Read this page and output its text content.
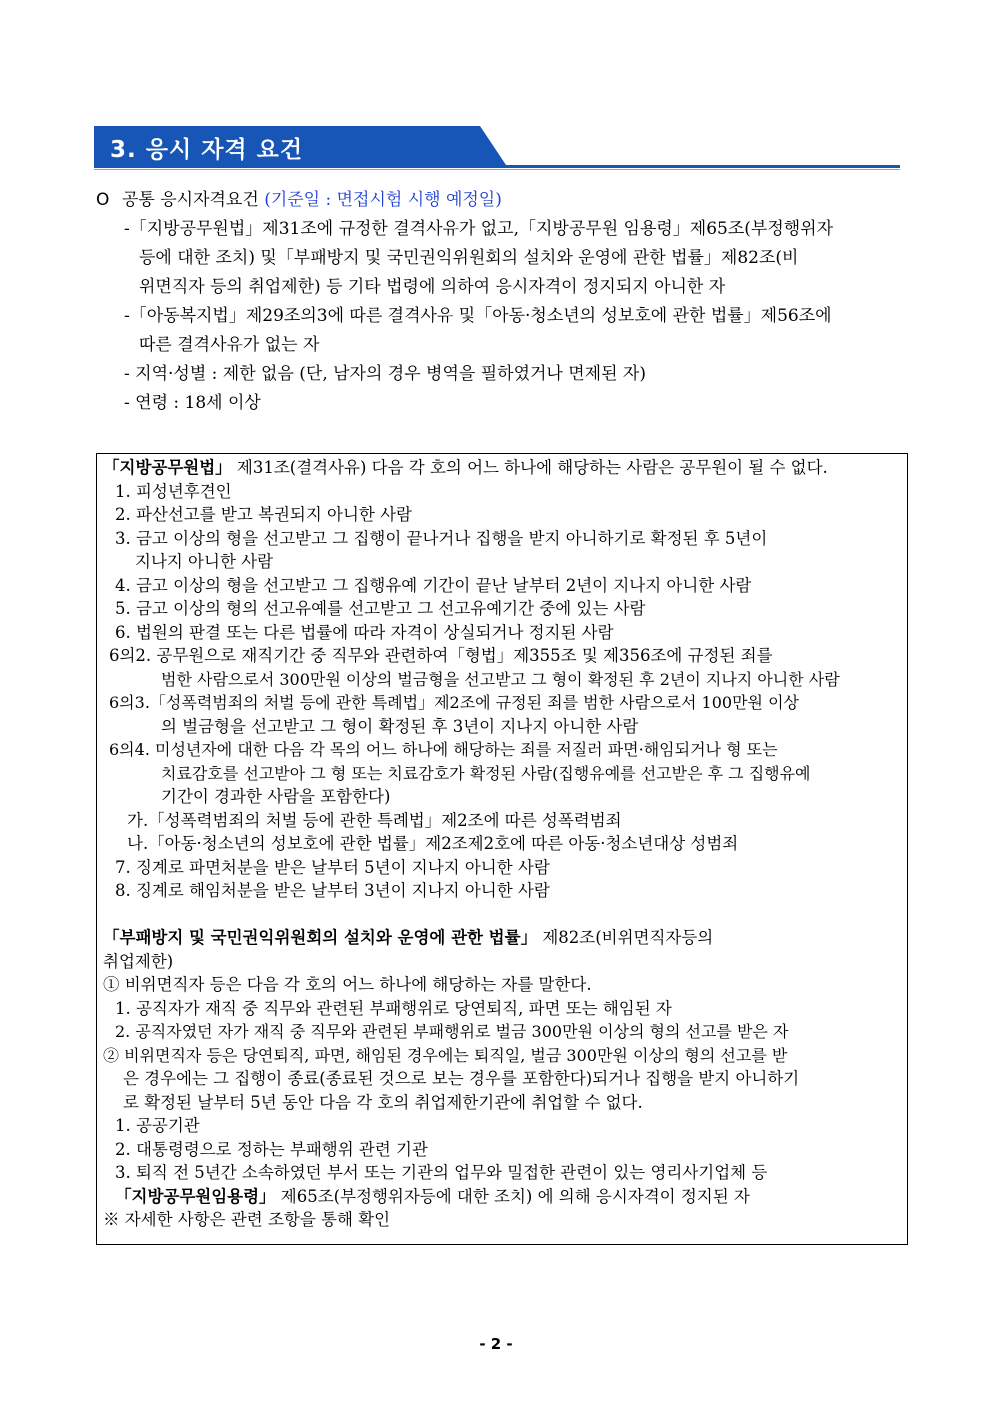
3. 응시 자격 요건
O 공통 응시자격요건
(기준일 : 면접시험 시행 예정일)
-「지방공무원법」제31조에 규정한 결격사유가 없고,「지방공무원 임용령」제65조(부정행위자
등에 대한 조치) 및「부패방지 및 국민권익위원회의 설치와 운영에 관한 법률」제82조(비
위면직자 등의 취업제한) 등 기타 법령에 의하여 응시자격이 정지되지 아니한 자
-「아동복지법」제29조의3에 따른 결격사유 및「아동·청소년의 성보호에 관한 법률」제56조에
따른 결격사유가 없는 자
- 지역·성별 : 제한 없음 (단, 남자의 경우 병역을 필하였거나 면제된 자)
- 연령 : 18세 이상
「지방공무원법」 제31조(결격사유) 다음 각 호의 어느 하나에 해당하는 사람은 공무원이 될 수 없다.
1. 피성년후견인
2. 파산선고를 받고 복권되지 아니한 사람
3. 금고 이상의 형을 선고받고 그 집행이 끝나거나 집행을 받지 아니하기로 확정된 후 5년이
지나지 아니한 사람
4. 금고 이상의 형을 선고받고 그 집행유예 기간이 끝난 날부터 2년이 지나지 아니한 사람
5. 금고 이상의 형의 선고유예를 선고받고 그 선고유예기간 중에 있는 사람
6. 법원의 판결 또는 다른 법률에 따라 자격이 상실되거나 정지된 사람
6의2. 공무원으로 재직기간 중 직무와 관련하여「형법」제355조 및 제356조에 규정된 죄를
범한 사람으로서 300만원 이상의 벌금형을 선고받고 그 형이 확정된 후 2년이 지나지 아니한 사람
6의3.「성폭력범죄의 처벌 등에 관한 특례법」제2조에 규정된 죄를 범한 사람으로서 100만원 이상
의 벌금형을 선고받고 그 형이 확정된 후 3년이 지나지 아니한 사람
6의4. 미성년자에 대한 다음 각 목의 어느 하나에 해당하는 죄를 저질러 파면·해임되거나 형 또는
치료감호를 선고받아 그 형 또는 치료감호가 확정된 사람(집행유예를 선고받은 후 그 집행유예
기간이 경과한 사람을 포함한다)
가.「성폭력범죄의 처벌 등에 관한 특례법」제2조에 따른 성폭력범죄
나.「아동·청소년의 성보호에 관한 법률」제2조제2호에 따른 아동·청소년대상 성범죄
7. 징계로 파면처분을 받은 날부터 5년이 지나지 아니한 사람
8. 징계로 해임처분을 받은 날부터 3년이 지나지 아니한 사람
「부패방지 및 국민권익위원회의 설치와 운영에 관한 법률」 제82조(비위면직자등의
취업제한)
① 비위면직자 등은 다음 각 호의 어느 하나에 해당하는 자를 말한다.
1. 공직자가 재직 중 직무와 관련된 부패행위로 당연퇴직, 파면 또는 해임된 자
2. 공직자였던 자가 재직 중 직무와 관련된 부패행위로 벌금 300만원 이상의 형의 선고를 받은 자
② 비위면직자 등은 당연퇴직, 파면, 해임된 경우에는 퇴직일, 벌금 300만원 이상의 형의 선고를 받
은 경우에는 그 집행이 종료(종료된 것으로 보는 경우를 포함한다)되거나 집행을 받지 아니하기
로 확정된 날부터 5년 동안 다음 각 호의 취업제한기관에 취업할 수 없다.
1. 공공기관
2. 대통령령으로 정하는 부패행위 관련 기관
3. 퇴직 전 5년간 소속하였던 부서 또는 기관의 업무와 밀접한 관련이 있는 영리사기업체 등
「지방공무원임용령」 제65조(부정행위자등에 대한 조치) 에 의해 응시자격이 정지된 자
※ 자세한 사항은 관련 조항을 통해 확인
- 2 -
